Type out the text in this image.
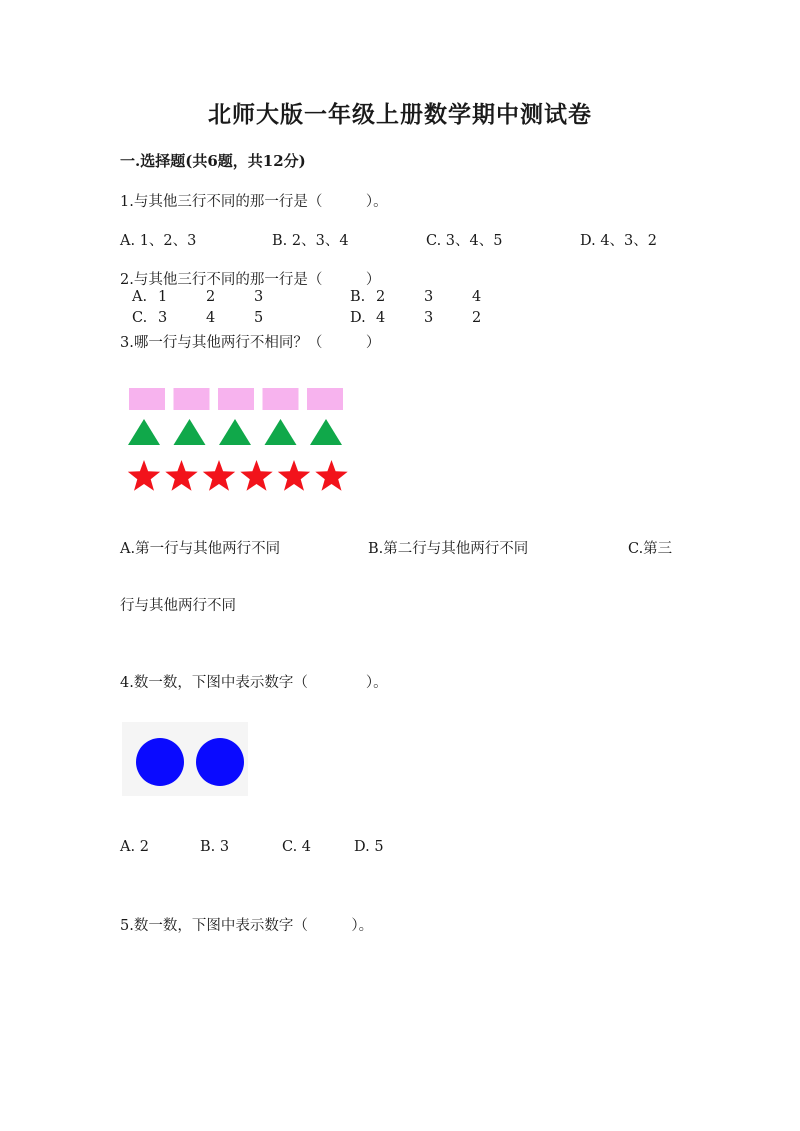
北师大版一年级上册数学期中测试卷
一.选择题(共6题，共12分)
1.与其他三行不同的那一行是（　　　）。
A. 1、2、3	B. 2、3、4	C. 3、4、5	D. 4、3、2
2.与其他三行不同的那一行是（　　　）
A. 1	2	3	B. 2	3	4
C. 3	4	5	D. 4	3	2
3.哪一行与其他两行不相同？（　　　）
A.第一行与其他两行不同	B.第二行与其他两行不同	C.第三
行与其他两行不同
4.数一数，下图中表示数字（　　　　）。
A. 2	B. 3	C. 4	D. 5
5.数一数，下图中表示数字（　　　）。
